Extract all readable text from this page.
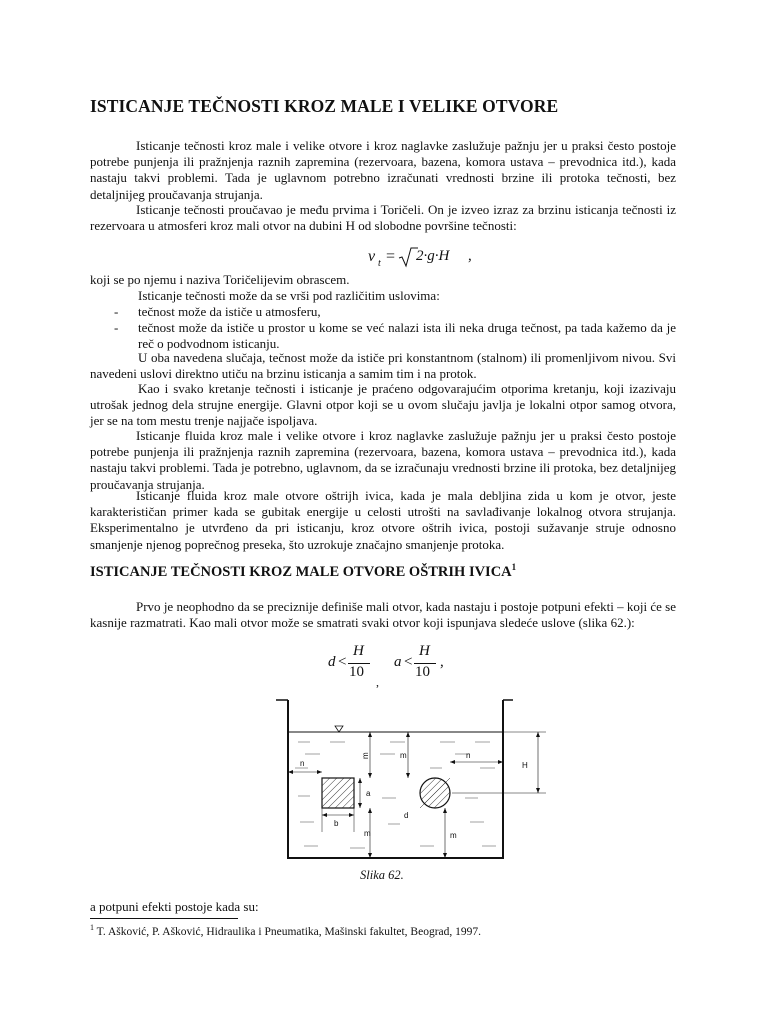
ISTICANJE TEČNOSTI KROZ MALE I VELIKE OTVORE

Isticanje tečnosti kroz male i velike otvore i kroz naglavke zaslužuje pažnju jer u praksi često postoje potrebe punjenja ili pražnjenja raznih zapremina (rezervoara, bazena, komora ustava – prevodnica itd.), kada nastaju takvi problemi. Tada je uglavnom potrebno izračunati vrednosti brzine ili protoka tečnosti, bez detaljnijeg proučavanja strujanja.

Isticanje tečnosti proučavao je među prvima i Toričeli. On je izveo izraz za brzinu isticanja tečnosti iz rezervoara u atmosferi kroz mali otvor na dubini H od slobodne površine tečnosti:

v t = 2·g·H ,

koji se po njemu i naziva Toričelijevim obrascem.

Isticanje tečnosti može da se vrši pod različitim uslovima:

-	tečnost može da ističe u atmosferu,
-	tečnost može da ističe u prostor u kome se već nalazi ista ili neka druga tečnost, pa tada kažemo da je reč o podvodnom isticanju.

U oba navedena slučaja, tečnost može da ističe pri konstantnom (stalnom) ili promenljivom nivou. Svi navedeni uslovi direktno utiču na brzinu isticanja a samim tim i na protok.

Kao i svako kretanje tečnosti i isticanje je praćeno odgovarajućim otporima kretanju, koji izazivaju utrošak jednog dela strujne energije. Glavni otpor koji se u ovom slučaju javlja je lokalni otpor samog otvora, jer se na tom mestu trenje najjače ispoljava.

Isticanje fluida kroz male i velike otvore i kroz naglavke zaslužuje pažnju jer u praksi često postoje potrebe punjenja ili pražnjenja raznih zapremina (rezervoara, bazena, komora ustava – prevodnica itd.), kada nastaju takvi problemi. Tada je potrebno, uglavnom, da se izračunaju vrednosti brzine ili protoka, bez detaljnijeg proučavanja strujanja.

Isticanje fluida kroz male otvore oštrijh ivica, kada je mala debljina zida u kom je otvor, jeste karakterističan primer kada se gubitak energije u celosti utrošti na savlađivanje lokalnog otvora strujanja. Eksperimentalno je utvrđeno da pri isticanju, kroz otvore oštrih ivica, postoji sužavanje struje odnosno smanjenje njenog poprečnog preseka, što uzrokuje značajno smanjenje protoka.

ISTICANJE TEČNOSTI KROZ MALE OTVORE OŠTRIH IVICA$^1$

Prvo je neophodno da se preciznije definiše mali otvor, kada nastaju i postoje potpuni efekti – koji će se kasnije razmatrati. Kao mali otvor može se smatrati svaki otvor koji ispunjava sledeće uslove (slika 62.):

d <
H
10
,
a <
H
10
,
n
m
a
b
m
m	n
d
m
H
Slika 62.

a potpuni efekti postoje kada su:

$^1$ T. Ašković, P. Ašković, Hidraulika i Pneumatika, Mašinski fakultet, Beograd, 1997.
